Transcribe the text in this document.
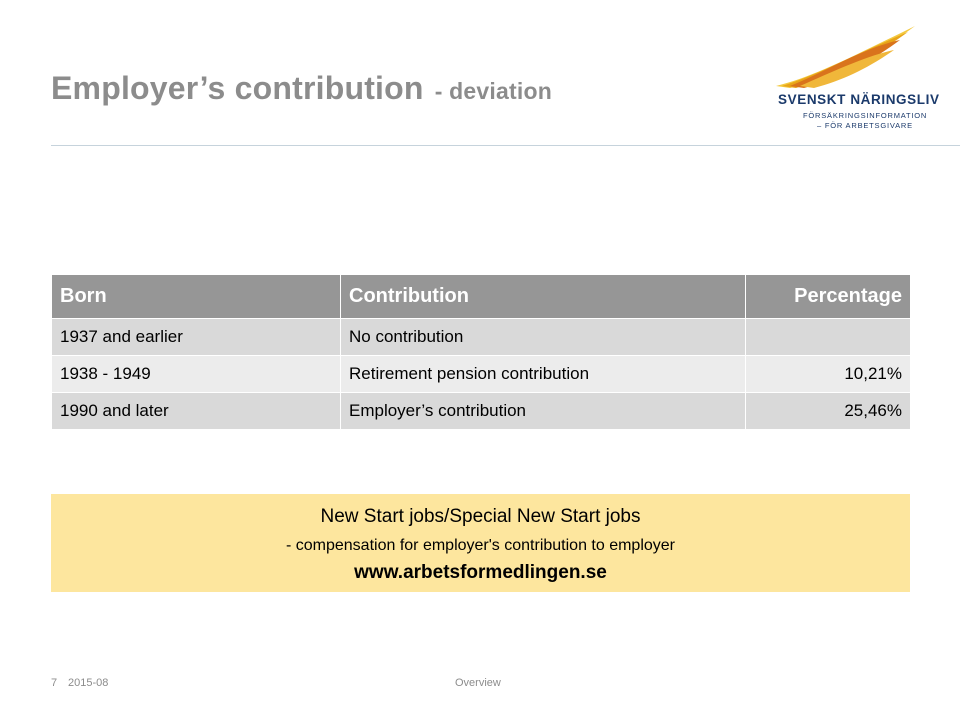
Employer’s contribution - deviation	SVENSKT NÄRINGSLIV
FÖRSÄKRINGSINFORMATION
– FÖR ARBETSGIVARE
Born	Contribution	Percentage
1937 and earlier	No contribution	
1938 - 1949	Retirement pension contribution	10,21%
1990 and later	Employer’s contribution	25,46%
New Start jobs/Special New Start jobs
- compensation for employer's contribution to employer
www.arbetsformedlingen.se
7 2015-08	Overview
